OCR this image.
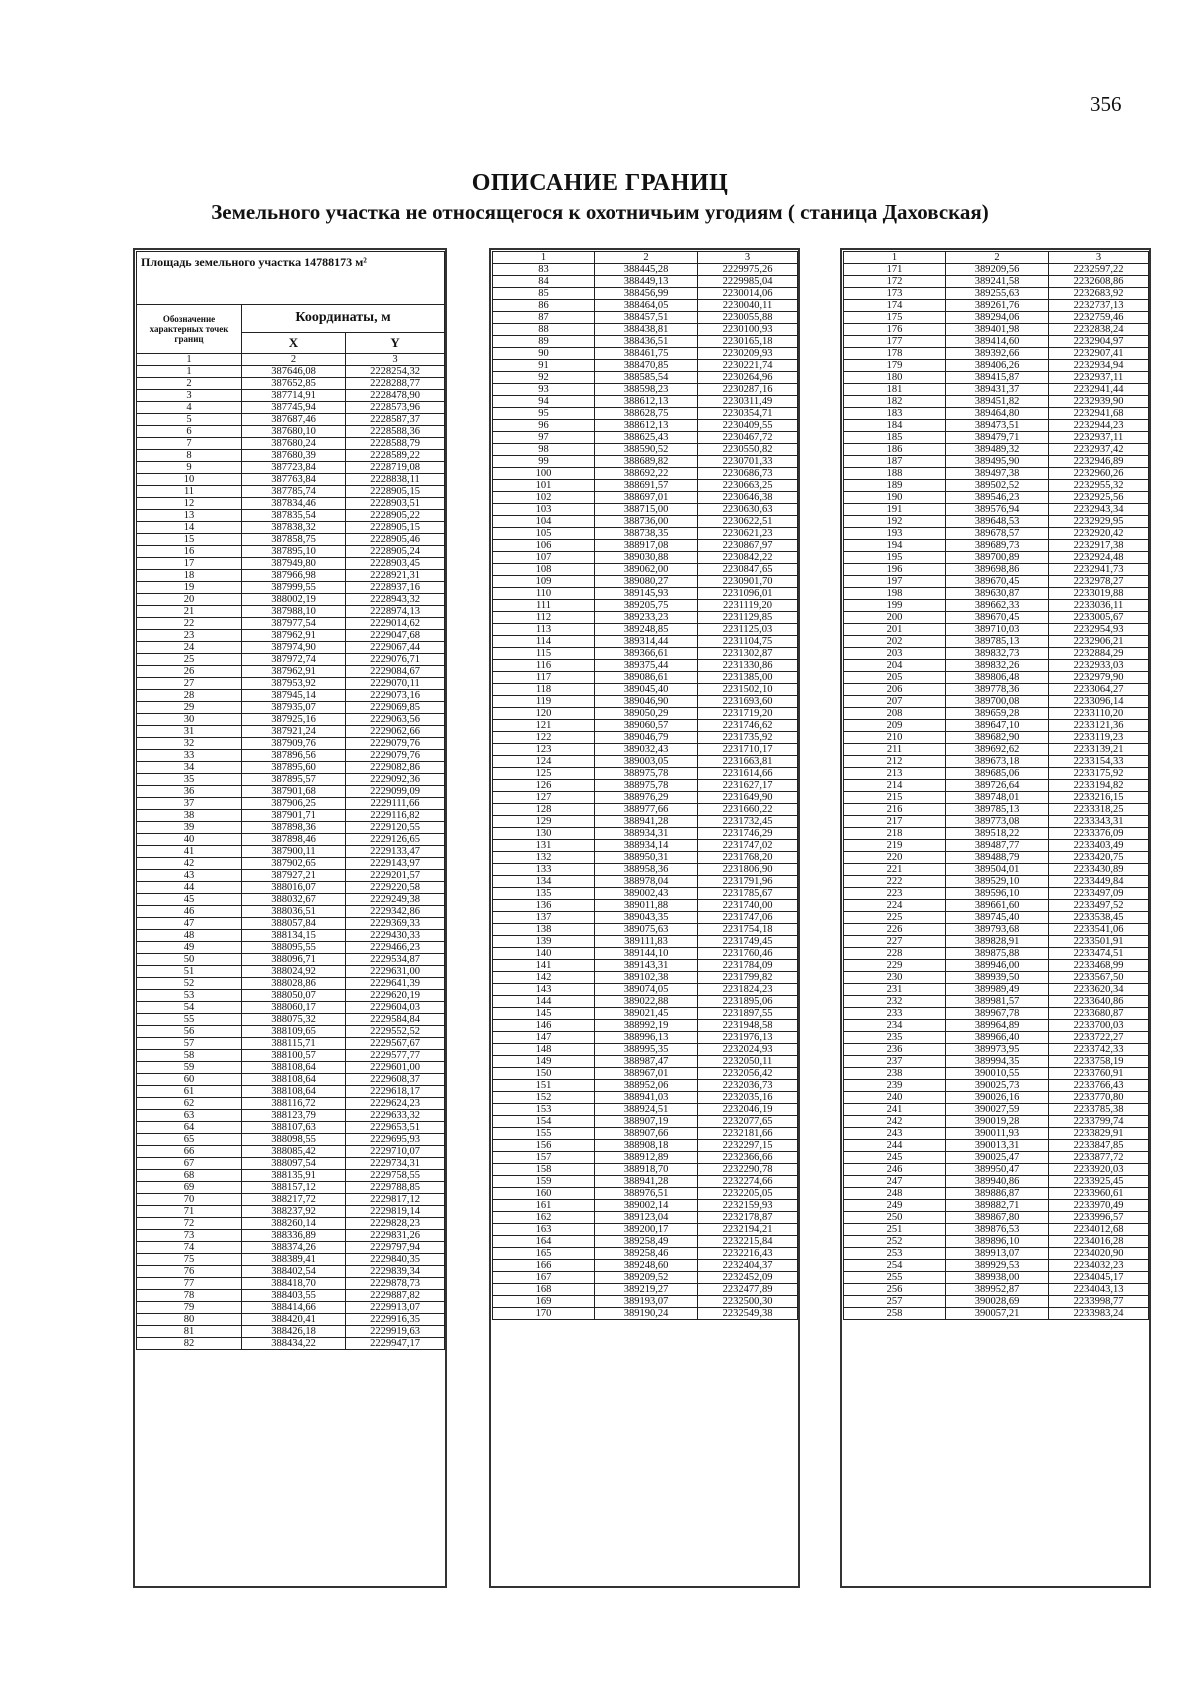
356
ОПИСАНИЕ ГРАНИЦ
Земельного участка не относящегося к охотничьим угодиям ( станица Даховская)
Площадь земельного участка 14788173 м²		
Обозначение характерных точек границ	Координаты, м	
	X	Y
1	2	3
1	387646,08	2228254,32
2	387652,85	2228288,77
3	387714,91	2228478,90
4	387745,94	2228573,96
5	387687,46	2228587,37
6	387680,10	2228588,36
7	387680,24	2228588,79
8	387680,39	2228589,22
9	387723,84	2228719,08
10	387763,84	2228838,11
11	387785,74	2228905,15
12	387834,46	2228903,51
13	387835,54	2228905,22
14	387838,32	2228905,15
15	387858,75	2228905,46
16	387895,10	2228905,24
17	387949,80	2228903,45
18	387966,98	2228921,31
19	387999,55	2228937,16
20	388002,19	2228943,32
21	387988,10	2228974,13
22	387977,54	2229014,62
23	387962,91	2229047,68
24	387974,90	2229067,44
25	387972,74	2229076,71
26	387962,91	2229084,67
27	387953,92	2229070,11
28	387945,14	2229073,16
29	387935,07	2229069,85
30	387925,16	2229063,56
31	387921,24	2229062,66
32	387909,76	2229079,76
33	387896,56	2229079,76
34	387895,60	2229082,86
35	387895,57	2229092,36
36	387901,68	2229099,09
37	387906,25	2229111,66
38	387901,71	2229116,82
39	387898,36	2229120,55
40	387898,46	2229126,65
41	387900,11	2229133,47
42	387902,65	2229143,97
43	387927,21	2229201,57
44	388016,07	2229220,58
45	388032,67	2229249,38
46	388036,51	2229342,86
47	388057,84	2229369,33
48	388134,15	2229430,33
49	388095,55	2229466,23
50	388096,71	2229534,87
51	388024,92	2229631,00
52	388028,86	2229641,39
53	388050,07	2229620,19
54	388060,17	2229604,03
55	388075,32	2229584,84
56	388109,65	2229552,52
57	388115,71	2229567,67
58	388100,57	2229577,77
59	388108,64	2229601,00
60	388108,64	2229608,37
61	388108,64	2229618,17
62	388116,72	2229624,23
63	388123,79	2229633,32
64	388107,63	2229653,51
65	388098,55	2229695,93
66	388085,42	2229710,07
67	388097,54	2229734,31
68	388135,91	2229758,55
69	388157,12	2229788,85
70	388217,72	2229817,12
71	388237,92	2229819,14
72	388260,14	2229828,23
73	388336,89	2229831,26
74	388374,26	2229797,94
75	388389,41	2229840,35
76	388402,54	2229839,34
77	388418,70	2229878,73
78	388403,55	2229887,82
79	388414,66	2229913,07
80	388420,41	2229916,35
81	388426,18	2229919,63
82	388434,22	2229947,17
1	2	3
83	388445,28	2229975,26
84	388449,13	2229985,04
85	388456,99	2230014,06
86	388464,05	2230040,11
87	388457,51	2230055,88
88	388438,81	2230100,93
89	388436,51	2230165,18
90	388461,75	2230209,93
91	388470,85	2230221,74
92	388585,54	2230264,96
93	388598,23	2230287,16
94	388612,13	2230311,49
95	388628,75	2230354,71
96	388612,13	2230409,55
97	388625,43	2230467,72
98	388590,52	2230550,82
99	388689,82	2230701,33
100	388692,22	2230686,73
101	388691,57	2230663,25
102	388697,01	2230646,38
103	388715,00	2230630,63
104	388736,00	2230622,51
105	388738,35	2230621,23
106	388917,08	2230867,97
107	389030,88	2230842,22
108	389062,00	2230847,65
109	389080,27	2230901,70
110	389145,93	2231096,01
111	389205,75	2231119,20
112	389233,23	2231129,85
113	389248,85	2231125,03
114	389314,44	2231104,75
115	389366,61	2231302,87
116	389375,44	2231330,86
117	389086,61	2231385,00
118	389045,40	2231502,10
119	389046,90	2231693,60
120	389050,29	2231719,20
121	389060,57	2231746,62
122	389046,79	2231735,92
123	389032,43	2231710,17
124	389003,05	2231663,81
125	388975,78	2231614,66
126	388975,78	2231627,17
127	388976,29	2231649,90
128	388977,66	2231660,22
129	388941,28	2231732,45
130	388934,31	2231746,29
131	388934,14	2231747,02
132	388950,31	2231768,20
133	388958,36	2231806,90
134	388978,04	2231791,96
135	389002,43	2231785,67
136	389011,88	2231740,00
137	389043,35	2231747,06
138	389075,63	2231754,18
139	389111,83	2231749,45
140	389144,10	2231760,46
141	389143,31	2231784,09
142	389102,38	2231799,82
143	389074,05	2231824,23
144	389022,88	2231895,06
145	389021,45	2231897,55
146	388992,19	2231948,58
147	388996,13	2231976,13
148	388995,35	2232024,93
149	388987,47	2232050,11
150	388967,01	2232056,42
151	388952,06	2232036,73
152	388941,03	2232035,16
153	388924,51	2232046,19
154	388907,19	2232077,65
155	388907,66	2232181,66
156	388908,18	2232297,15
157	388912,89	2232366,66
158	388918,70	2232290,78
159	388941,28	2232274,66
160	388976,51	2232205,05
161	389002,14	2232159,93
162	389123,04	2232178,87
163	389200,17	2232194,21
164	389258,49	2232215,84
165	389258,46	2232216,43
166	389248,60	2232404,37
167	389209,52	2232452,09
168	389219,27	2232477,89
169	389193,07	2232500,30
170	389190,24	2232549,38
1	2	3
171	389209,56	2232597,22
172	389241,58	2232608,86
173	389255,63	2232683,92
174	389261,76	2232737,13
175	389294,06	2232759,46
176	389401,98	2232838,24
177	389414,60	2232904,97
178	389392,66	2232907,41
179	389406,26	2232934,94
180	389415,87	2232937,11
181	389431,37	2232941,44
182	389451,82	2232939,90
183	389464,80	2232941,68
184	389473,51	2232944,23
185	389479,71	2232937,11
186	389489,32	2232937,42
187	389495,90	2232946,89
188	389497,38	2232960,26
189	389502,52	2232955,32
190	389546,23	2232925,56
191	389576,94	2232943,34
192	389648,53	2232929,95
193	389678,57	2232920,42
194	389689,73	2232917,38
195	389700,89	2232924,48
196	389698,86	2232941,73
197	389670,45	2232978,27
198	389630,87	2233019,88
199	389662,33	2233036,11
200	389670,45	2233005,67
201	389710,03	2232954,93
202	389785,13	2232906,21
203	389832,73	2232884,29
204	389832,26	2232933,03
205	389806,48	2232979,90
206	389778,36	2233064,27
207	389700,08	2233096,14
208	389659,28	2233110,20
209	389647,10	2233121,36
210	389682,90	2233119,23
211	389692,62	2233139,21
212	389673,18	2233154,33
213	389685,06	2233175,92
214	389726,64	2233194,82
215	389748,01	2233216,15
216	389785,13	2233318,25
217	389773,08	2233343,31
218	389518,22	2233376,09
219	389487,77	2233403,49
220	389488,79	2233420,75
221	389504,01	2233430,89
222	389529,10	2233449,84
223	389596,10	2233497,09
224	389661,60	2233497,52
225	389745,40	2233538,45
226	389793,68	2233541,06
227	389828,91	2233501,91
228	389875,88	2233474,51
229	389946,00	2233468,99
230	389939,50	2233567,50
231	389989,49	2233620,34
232	389981,57	2233640,86
233	389967,78	2233680,87
234	389964,89	2233700,03
235	389966,40	2233722,27
236	389973,95	2233742,33
237	389994,35	2233758,19
238	390010,55	2233760,91
239	390025,73	2233766,43
240	390026,16	2233770,80
241	390027,59	2233785,38
242	390019,28	2233799,74
243	390011,93	2233829,91
244	390013,31	2233847,85
245	390025,47	2233877,72
246	389950,47	2233920,03
247	389940,86	2233925,45
248	389886,87	2233960,61
249	389882,71	2233970,49
250	389867,80	2233996,57
251	389876,53	2234012,68
252	389896,10	2234016,28
253	389913,07	2234020,90
254	389929,53	2234032,23
255	389938,00	2234045,17
256	389952,87	2234043,13
257	390028,69	2233998,77
258	390057,21	2233983,24
